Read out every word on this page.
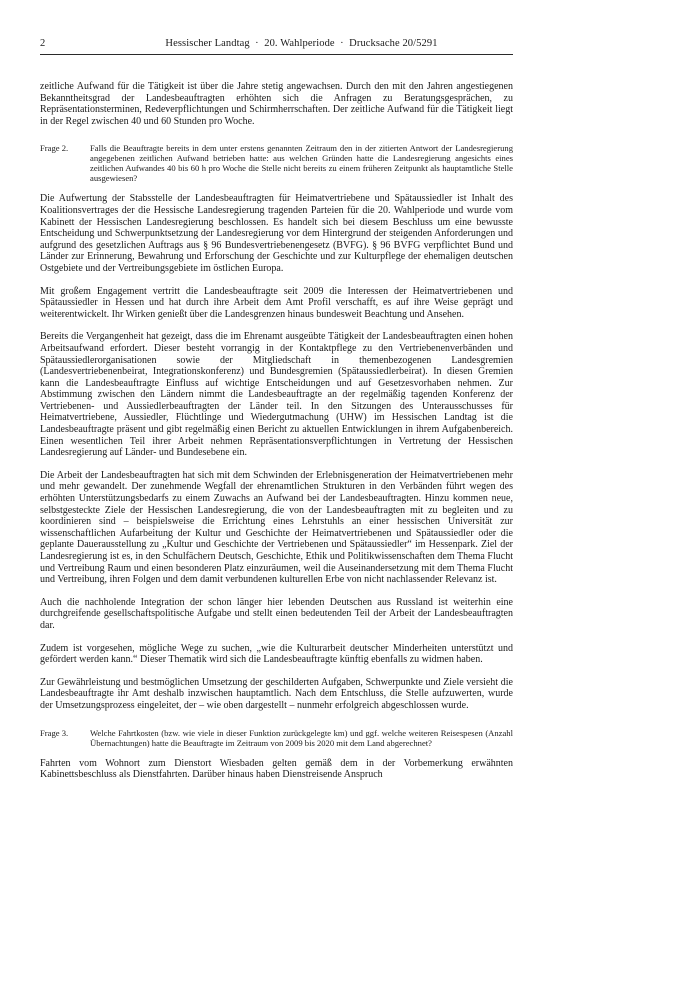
2	Hessischer Landtag  ·  20. Wahlperiode  ·  Drucksache 20/5291

zeitliche Aufwand für die Tätigkeit ist über die Jahre stetig angewachsen. Durch den mit den Jahren angestiegenen Bekanntheitsgrad der Landesbeauftragten erhöhten sich die Anfragen zu Beratungsgesprächen, zu Repräsentationsterminen, Redeverpflichtungen und Schirmherrschaften. Der zeitliche Aufwand für die Tätigkeit liegt in der Regel zwischen 40 und 60 Stunden pro Woche.

Frage 2.	Falls die Beauftragte bereits in dem unter erstens genannten Zeitraum den in der zitierten Antwort der Landesregierung angegebenen zeitlichen Aufwand betrieben hatte: aus welchen Gründen hatte die Landesregierung angesichts eines zeitlichen Aufwandes 40 bis 60 h pro Woche die Stelle nicht bereits zu einem früheren Zeitpunkt als hauptamtliche Stelle ausgewiesen?

Die Aufwertung der Stabsstelle der Landesbeauftragten für Heimatvertriebene und Spätaussiedler ist Inhalt des Koalitionsvertrages der die Hessische Landesregierung tragenden Parteien für die 20. Wahlperiode und wurde vom Kabinett der Hessischen Landesregierung beschlossen. Es handelt sich bei diesem Beschluss um eine bewusste Entscheidung und Schwerpunktsetzung der Landesregierung vor dem Hintergrund der steigenden Anforderungen und aufgrund des gesetzlichen Auftrags aus § 96 Bundesvertriebenengesetz (BVFG). § 96 BVFG verpflichtet Bund und Länder zur Erinnerung, Bewahrung und Erforschung der Geschichte und zur Kulturpflege der ehemaligen deutschen Ostgebiete und der Vertreibungsgebiete im östlichen Europa.

Mit großem Engagement vertritt die Landesbeauftragte seit 2009 die Interessen der Heimatvertriebenen und Spätaussiedler in Hessen und hat durch ihre Arbeit dem Amt Profil verschafft, es auf ihre Weise geprägt und weiterentwickelt. Ihr Wirken genießt über die Landesgrenzen hinaus bundesweit Beachtung und Ansehen.

Bereits die Vergangenheit hat gezeigt, dass die im Ehrenamt ausgeübte Tätigkeit der Landesbeauftragten einen hohen Arbeitsaufwand erfordert. Dieser besteht vorrangig in der Kontaktpflege zu den Vertriebenenverbänden und Spätaussiedlerorganisationen sowie der Mitgliedschaft in themenbezogenen Landesgremien (Landesvertriebenenbeirat, Integrationskonferenz) und Bundesgremien (Spätaussiedlerbeirat). In diesen Gremien kann die Landesbeauftragte Einfluss auf wichtige Entscheidungen und auf Gesetzesvorhaben nehmen. Zur Abstimmung zwischen den Ländern nimmt die Landesbeauftragte an der regelmäßig tagenden Konferenz der Vertriebenen- und Aussiedlerbeauftragten der Länder teil. In den Sitzungen des Unterausschusses für Heimatvertriebene, Aussiedler, Flüchtlinge und Wiedergutmachung (UHW) im Hessischen Landtag ist die Landesbeauftragte präsent und gibt regelmäßig einen Bericht zu aktuellen Entwicklungen in ihrem Aufgabenbereich. Einen wesentlichen Teil ihrer Arbeit nehmen Repräsentationsverpflichtungen in Vertretung der Hessischen Landesregierung auf Länder- und Bundesebene ein.

Die Arbeit der Landesbeauftragten hat sich mit dem Schwinden der Erlebnisgeneration der Heimatvertriebenen mehr und mehr gewandelt. Der zunehmende Wegfall der ehrenamtlichen Strukturen in den Verbänden führt wegen des erhöhten Unterstützungsbedarfs zu einem Zuwachs an Aufwand bei der Landesbeauftragten. Hinzu kommen neue, selbstgesteckte Ziele der Hessischen Landesregierung, die von der Landesbeauftragten mit zu begleiten und zu koordinieren sind – beispielsweise die Errichtung eines Lehrstuhls an einer hessischen Universität zur wissenschaftlichen Aufarbeitung der Kultur und Geschichte der Heimatvertriebenen und Spätaussiedler oder die geplante Dauerausstellung zu „Kultur und Geschichte der Vertriebenen und Spätaussiedler“ im Hessenpark. Ziel der Landesregierung ist es, in den Schulfächern Deutsch, Geschichte, Ethik und Politikwissenschaften dem Thema Flucht und Vertreibung Raum und einen besonderen Platz einzuräumen, weil die Auseinandersetzung mit dem Thema Flucht und Vertreibung, ihren Folgen und dem damit verbundenen kulturellen Erbe von nicht nachlassender Relevanz ist.

Auch die nachholende Integration der schon länger hier lebenden Deutschen aus Russland ist weiterhin eine durchgreifende gesellschaftspolitische Aufgabe und stellt einen bedeutenden Teil der Arbeit der Landesbeauftragten dar.

Zudem ist vorgesehen, mögliche Wege zu suchen, „wie die Kulturarbeit deutscher Minderheiten unterstützt und gefördert werden kann.“ Dieser Thematik wird sich die Landesbeauftragte künftig ebenfalls zu widmen haben.

Zur Gewährleistung und bestmöglichen Umsetzung der geschilderten Aufgaben, Schwerpunkte und Ziele versieht die Landesbeauftragte ihr Amt deshalb inzwischen hauptamtlich. Nach dem Entschluss, die Stelle aufzuwerten, wurde der Umsetzungsprozess eingeleitet, der – wie oben dargestellt – nunmehr erfolgreich abgeschlossen wurde.

Frage 3.	Welche Fahrtkosten (bzw. wie viele in dieser Funktion zurückgelegte km) und ggf. welche weiteren Reisespesen (Anzahl Übernachtungen) hatte die Beauftragte im Zeitraum von 2009 bis 2020 mit dem Land abgerechnet?

Fahrten vom Wohnort zum Dienstort Wiesbaden gelten gemäß dem in der Vorbemerkung erwähnten Kabinettsbeschluss als Dienstfahrten. Darüber hinaus haben Dienstreisende Anspruch
